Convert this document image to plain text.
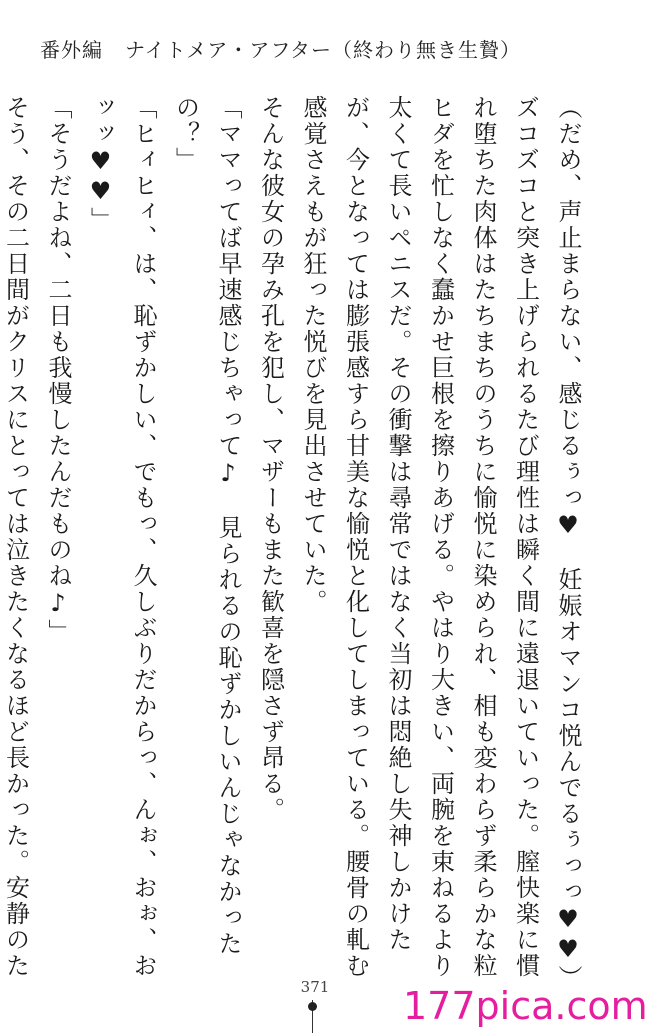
番外編 ナイトメア・アフター（終わり無き生贄）

（だめ、声止まらない、感じるぅっ♥　妊娠オマンコ悦んでるぅっっ♥♥）

ズコズコと突き上げられるたび理性は瞬く間に遠退いていった。膣快楽に慣れ堕ちた肉体はたちまちのうちに愉悦に染められ、相も変わらず柔らかな粒ヒダを忙しなく蠢かせ巨根を擦りあげる。やはり大きい、両腕を束ねるより太くて長いペニスだ。その衝撃は尋常ではなく当初は悶絶し失神しかけたが、今となっては膨張感すら甘美な愉悦と化してしまっている。腰骨の軋む感覚さえもが狂った悦びを見出させていた。

そんな彼女の孕み孔を犯し、マザーもまた歓喜を隠さず昂る。

「ママってば早速感じちゃって♪　見られるの恥ずかしいんじゃなかったの？」

「ヒィヒィ、は、恥ずかしい、でもっ、久しぶりだからっ、んぉ、おぉ、おッッ♥♥」

「そうだよね、二日も我慢したんだものね♪」

そう、その二日間がクリスにとっては泣きたくなるほど長かった。安静のた

371 177pica.com
